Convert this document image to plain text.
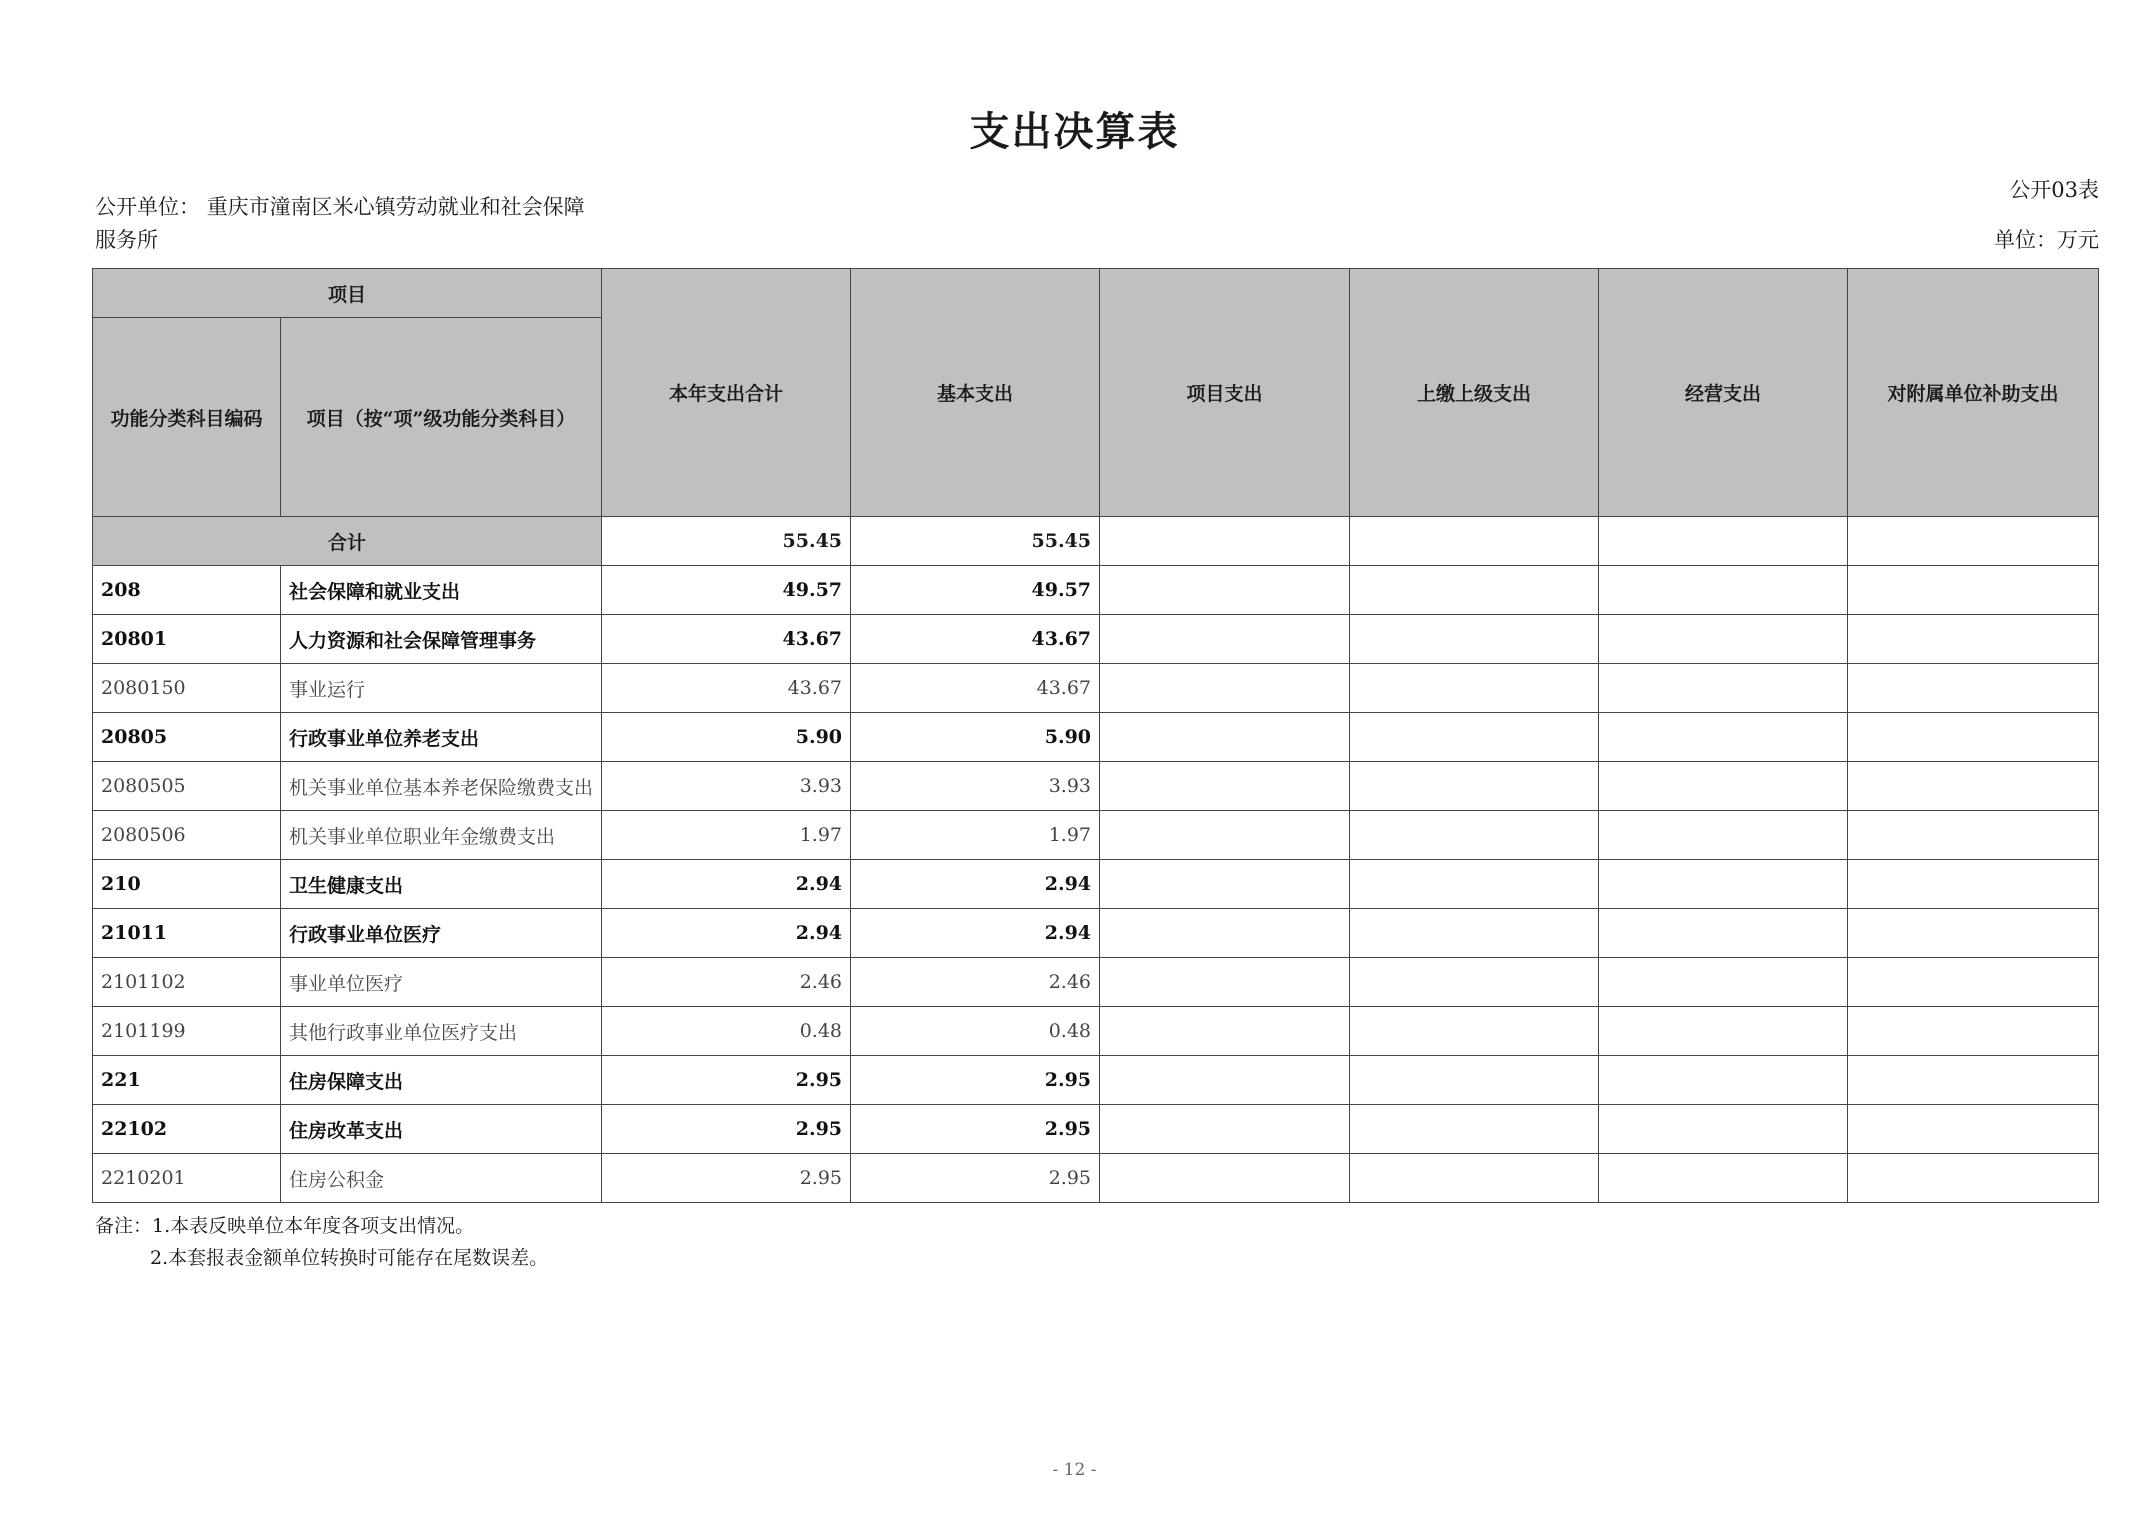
支出决算表
公开03表
公开单位： 重庆市潼南区米心镇劳动就业和社会保障
服务所	单位：万元
项目		本年支出合计	基本支出	项目支出	上缴上级支出	经营支出	对附属单位补助支出
功能分类科目编码	项目（按“项”级功能分类科目）						
合计		55.45	55.45				
208	社会保障和就业支出	49.57	49.57				
20801	人力资源和社会保障管理事务	43.67	43.67				
2080150	事业运行	43.67	43.67				
20805	行政事业单位养老支出	5.90	5.90				
2080505	机关事业单位基本养老保险缴费支出	3.93	3.93				
2080506	机关事业单位职业年金缴费支出	1.97	1.97				
210	卫生健康支出	2.94	2.94				
21011	行政事业单位医疗	2.94	2.94				
2101102	事业单位医疗	2.46	2.46				
2101199	其他行政事业单位医疗支出	0.48	0.48				
221	住房保障支出	2.95	2.95				
22102	住房改革支出	2.95	2.95				
2210201	住房公积金	2.95	2.95				
备注：1.本表反映单位本年度各项支出情况。
2.本套报表金额单位转换时可能存在尾数误差。
- 12 -
